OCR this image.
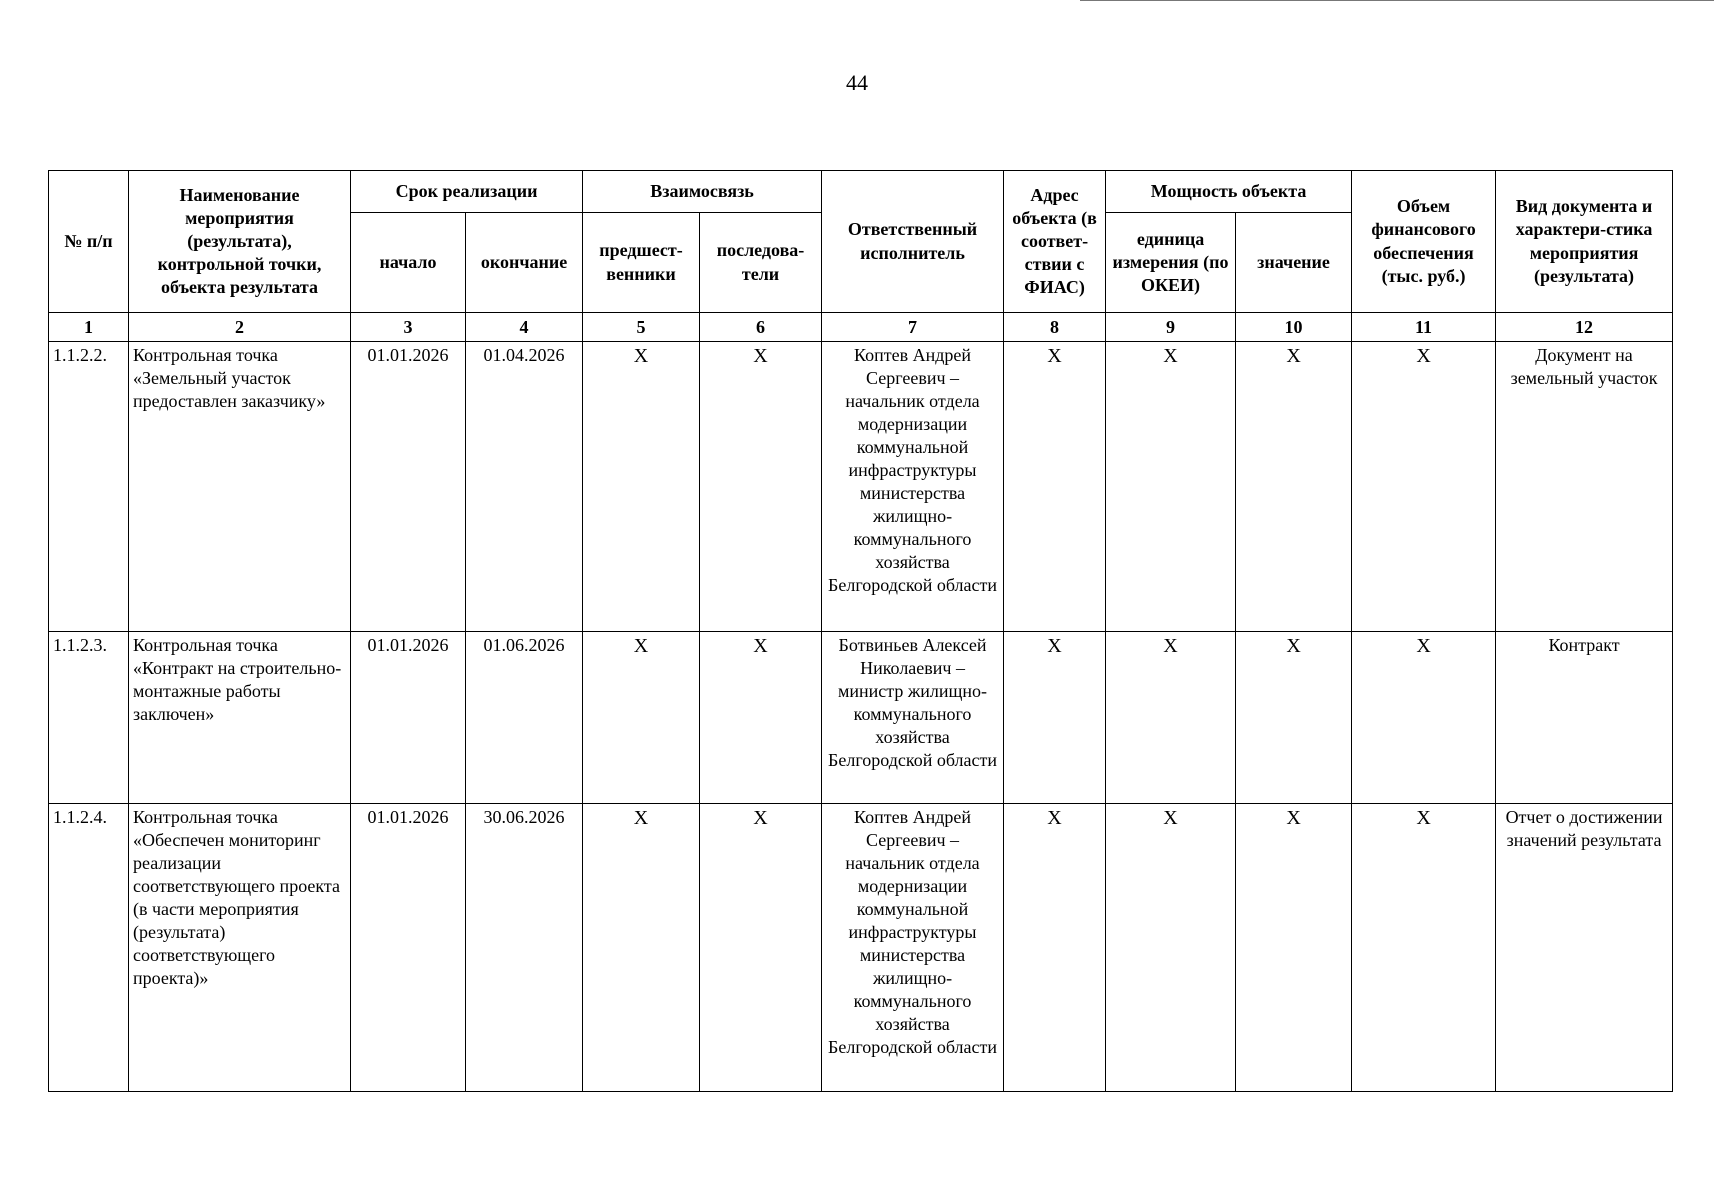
44
№ п/п	Наименование мероприятия (результата), контрольной точки, объекта результата	Срок реализации		Взаимосвязь		Ответственный исполнитель	Адрес объекта (в соответ-ствии с ФИАС)	Мощность объекта		Объем финансового обеспечения (тыс. руб.)	Вид документа и характери-стика мероприятия (результата)
		начало	окончание	предшест-венники	последова-тели			единица измерения (по ОКЕИ)	значение		
1	2	3	4	5	6	7	8	9	10	11	12
1.1.2.2.	Контрольная точка «Земельный участок предоставлен заказчику»	01.01.2026	01.04.2026	X	X	Коптев Андрей Сергеевич – начальник отдела модернизации коммунальной инфраструктуры министерства жилищно-коммунального хозяйства Белгородской области	X	X	X	X	Документ на земельный участок
1.1.2.3.	Контрольная точка «Контракт на строительно-монтажные работы заключен»	01.01.2026	01.06.2026	X	X	Ботвиньев Алексей Николаевич – министр жилищно-коммунального хозяйства Белгородской области	X	X	X	X	Контракт
1.1.2.4.	Контрольная точка «Обеспечен мониторинг реализации соответствующего проекта (в части мероприятия (результата) соответствующего проекта)»	01.01.2026	30.06.2026	X	X	Коптев Андрей Сергеевич – начальник отдела модернизации коммунальной инфраструктуры министерства жилищно-коммунального хозяйства Белгородской области	X	X	X	X	Отчет о достижении значений результата
